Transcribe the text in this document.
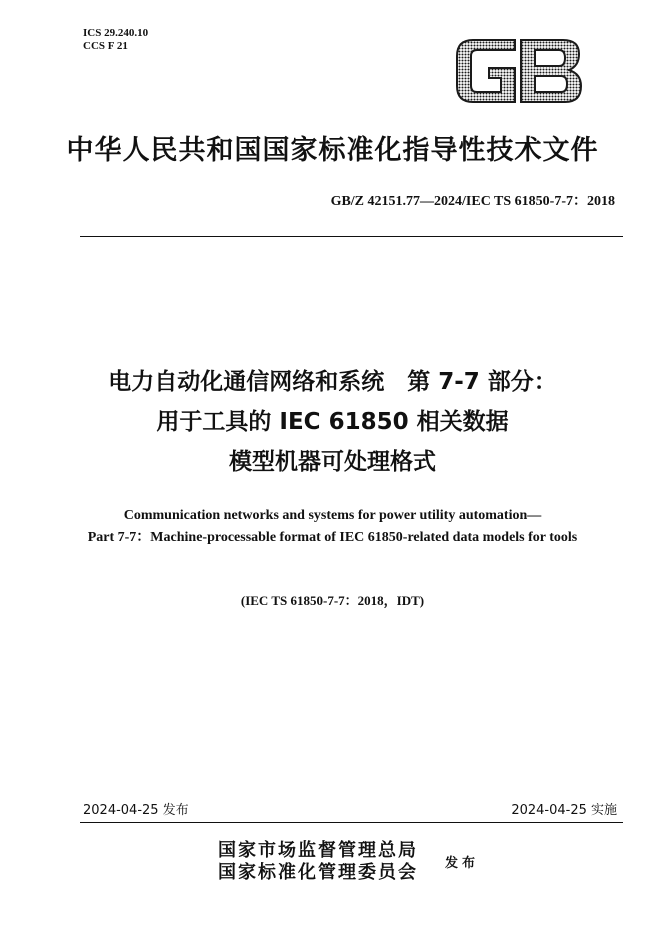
ICS 29.240.10
CCS F 21
中华人民共和国国家标准化指导性技术文件
GB/Z 42151.77—2024/IEC TS 61850-7-7：2018
电力自动化通信网络和系统　第 7-7 部分：
用于工具的 IEC 61850 相关数据
模型机器可处理格式
Communication networks and systems for power utility automation—
Part 7-7：Machine-processable format of IEC 61850-related data models for tools
(IEC TS 61850-7-7：2018，IDT)
2024-04-25 发布	2024-04-25 实施
国家市场监督管理总局
国家标准化管理委员会 发布
